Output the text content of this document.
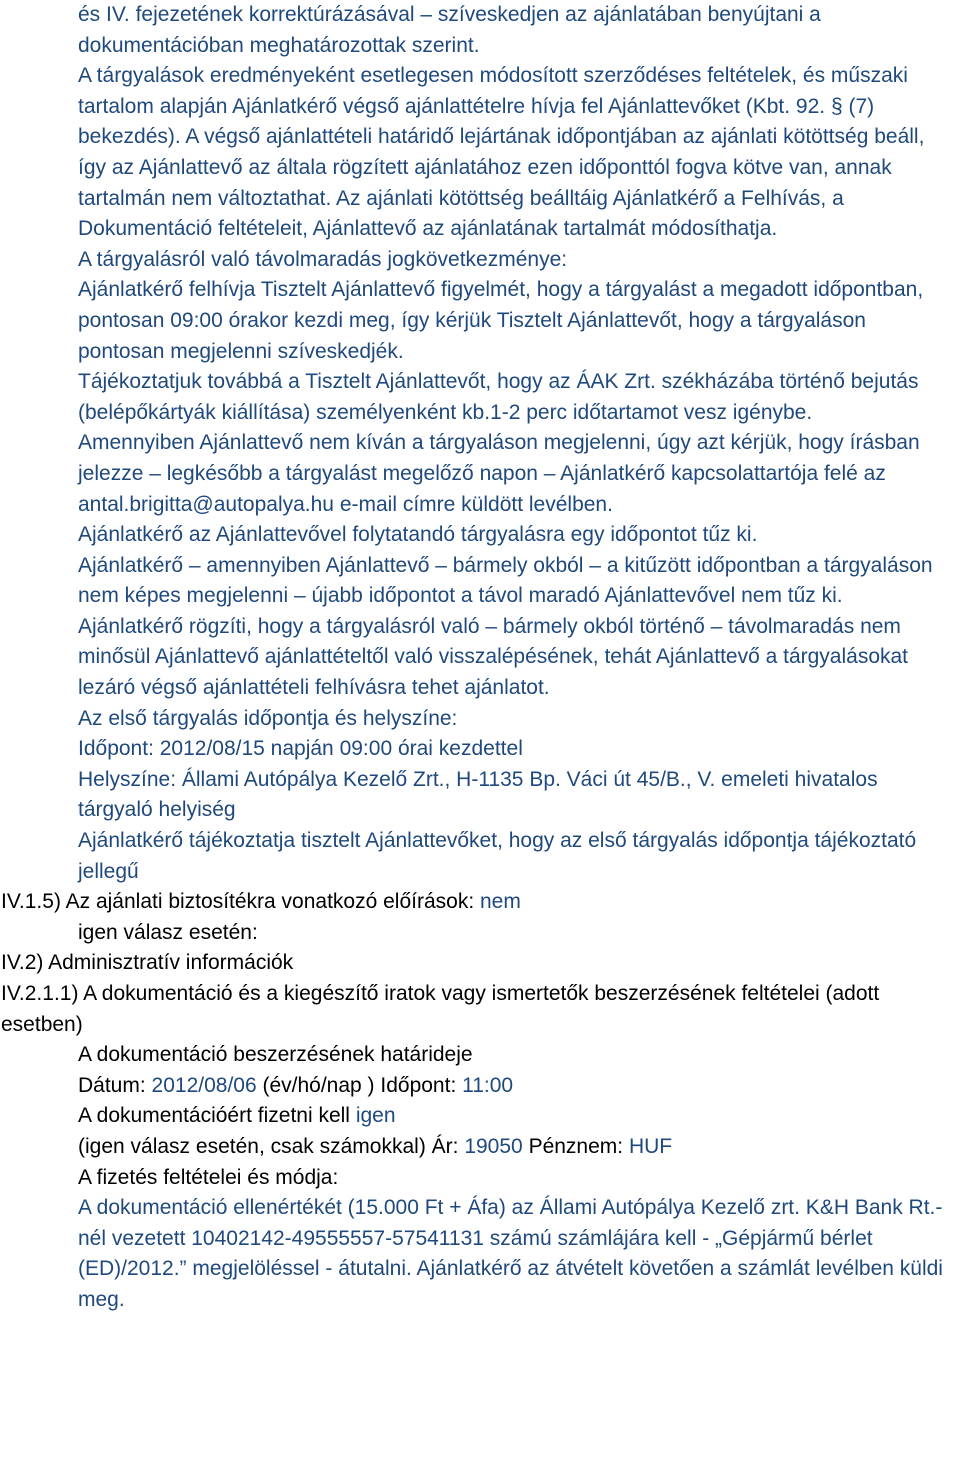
és IV. fejezetének korrektúrázásával – szíveskedjen az ajánlatában benyújtani a dokumentációban meghatározottak szerint.

A tárgyalások eredményeként esetlegesen módosított szerződéses feltételek, és műszaki tartalom alapján Ajánlatkérő végső ajánlattételre hívja fel Ajánlattevőket (Kbt. 92. § (7) bekezdés). A végső ajánlattételi határidő lejártának időpontjában az ajánlati kötöttség beáll, így az Ajánlattevő az általa rögzített ajánlatához ezen időponttól fogva kötve van, annak tartalmán nem változtathat. Az ajánlati kötöttség beálltáig Ajánlatkérő a Felhívás, a Dokumentáció feltételeit, Ajánlattevő az ajánlatának tartalmát módosíthatja.

A tárgyalásról való távolmaradás jogkövetkezménye:

Ajánlatkérő felhívja Tisztelt Ajánlattevő figyelmét, hogy a tárgyalást a megadott időpontban, pontosan 09:00 órakor kezdi meg, így kérjük Tisztelt Ajánlattevőt, hogy a tárgyaláson pontosan megjelenni szíveskedjék.

Tájékoztatjuk továbbá a Tisztelt Ajánlattevőt, hogy az ÁAK Zrt. székházába történő bejutás (belépőkártyák kiállítása) személyenként kb.1-2 perc időtartamot vesz igénybe.

Amennyiben Ajánlattevő nem kíván a tárgyaláson megjelenni, úgy azt kérjük, hogy írásban jelezze – legkésőbb a tárgyalást megelőző napon – Ajánlatkérő kapcsolattartója felé az antal.brigitta@autopalya.hu e-mail címre küldött levélben.

Ajánlatkérő az Ajánlattevővel folytatandó tárgyalásra egy időpontot tűz ki.

Ajánlatkérő – amennyiben Ajánlattevő – bármely okból – a kitűzött időpontban a tárgyaláson nem képes megjelenni – újabb időpontot a távol maradó Ajánlattevővel nem tűz ki.

Ajánlatkérő rögzíti, hogy a tárgyalásról való – bármely okból történő – távolmaradás nem minősül Ajánlattevő ajánlattételtől való visszalépésének, tehát Ajánlattevő a tárgyalásokat lezáró végső ajánlattételi felhívásra tehet ajánlatot.

Az első tárgyalás időpontja és helyszíne:

Időpont: 2012/08/15 napján 09:00 órai kezdettel

Helyszíne: Állami Autópálya Kezelő Zrt., H-1135 Bp. Váci út 45/B., V. emeleti hivatalos tárgyaló helyiség

Ajánlatkérő tájékoztatja tisztelt Ajánlattevőket, hogy az első tárgyalás időpontja tájékoztató jellegű

IV.1.5) Az ajánlati biztosítékra vonatkozó előírások: nem

igen válasz esetén:

IV.2) Adminisztratív információk

IV.2.1.1) A dokumentáció és a kiegészítő iratok vagy ismertetők beszerzésének feltételei (adott esetben)

A dokumentáció beszerzésének határideje

Dátum: 2012/08/06 (év/hó/nap ) Időpont: 11:00

A dokumentációért fizetni kell igen

(igen válasz esetén, csak számokkal) Ár: 19050 Pénznem: HUF

A fizetés feltételei és módja:

A dokumentáció ellenértékét (15.000 Ft + Áfa) az Állami Autópálya Kezelő zrt. K&H Bank Rt.-nél vezetett 10402142-49555557-57541131 számú számlájára kell - „Gépjármű bérlet (ED)/2012.” megjelöléssel - átutalni. Ajánlatkérő az átvételt követően a számlát levélben küldi meg.
